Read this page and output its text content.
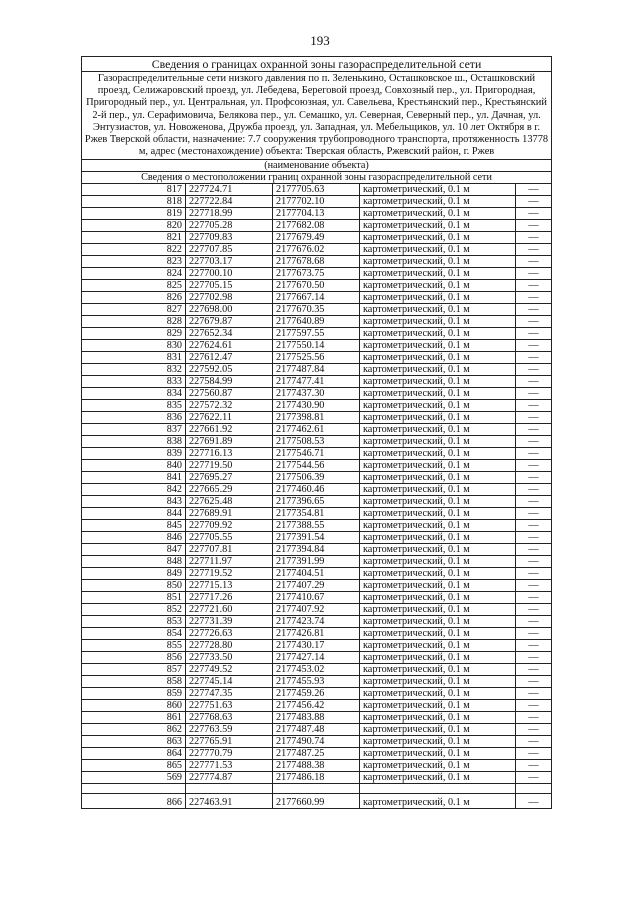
193
Сведения о границах охранной зоны газораспределительной сети				
Газораспределительные сети низкого давления по п. Зеленькино, Осташковское ш., Осташковский проезд, Селижаровский проезд, ул. Лебедева, Береговой проезд, Совхозный пер., ул. Пригородная, Пригородный пер., ул. Центральная, ул. Профсоюзная, ул. Савельева, Крестьянский пер., Крестьянский 2-й пер., ул. Серафимовича, Белякова пер., ул. Семашко, ул. Северная, Северный пер., ул. Дачная, ул. Энтузиастов, ул. Новоженова, Дружба проезд, ул. Западная, ул. Мебельщиков, ул. 10 лет Октября в г. Ржев Тверской области, назначение: 7.7 сооружения трубопроводного транспорта, протяженность 13778 м, адрес (местонахождение) объекта: Тверская область, Ржевский район, г. Ржев				
(наименование объекта)				
Сведения о местоположении границ охранной зоны газораспределительной сети				
817	227724.71	2177705.63	картометрический, 0.1 м	—
818	227722.84	2177702.10	картометрический, 0.1 м	—
819	227718.99	2177704.13	картометрический, 0.1 м	—
820	227705.28	2177682.08	картометрический, 0.1 м	—
821	227709.83	2177679.49	картометрический, 0.1 м	—
822	227707.85	2177676.02	картометрический, 0.1 м	—
823	227703.17	2177678.68	картометрический, 0.1 м	—
824	227700.10	2177673.75	картометрический, 0.1 м	—
825	227705.15	2177670.50	картометрический, 0.1 м	—
826	227702.98	2177667.14	картометрический, 0.1 м	—
827	227698.00	2177670.35	картометрический, 0.1 м	—
828	227679.87	2177640.89	картометрический, 0.1 м	—
829	227652.34	2177597.55	картометрический, 0.1 м	—
830	227624.61	2177550.14	картометрический, 0.1 м	—
831	227612.47	2177525.56	картометрический, 0.1 м	—
832	227592.05	2177487.84	картометрический, 0.1 м	—
833	227584.99	2177477.41	картометрический, 0.1 м	—
834	227560.87	2177437.30	картометрический, 0.1 м	—
835	227572.32	2177430.90	картометрический, 0.1 м	—
836	227622.11	2177398.81	картометрический, 0.1 м	—
837	227661.92	2177462.61	картометрический, 0.1 м	—
838	227691.89	2177508.53	картометрический, 0.1 м	—
839	227716.13	2177546.71	картометрический, 0.1 м	—
840	227719.50	2177544.56	картометрический, 0.1 м	—
841	227695.27	2177506.39	картометрический, 0.1 м	—
842	227665.29	2177460.46	картометрический, 0.1 м	—
843	227625.48	2177396.65	картометрический, 0.1 м	—
844	227689.91	2177354.81	картометрический, 0.1 м	—
845	227709.92	2177388.55	картометрический, 0.1 м	—
846	227705.55	2177391.54	картометрический, 0.1 м	—
847	227707.81	2177394.84	картометрический, 0.1 м	—
848	227711.97	2177391.99	картометрический, 0.1 м	—
849	227719.52	2177404.51	картометрический, 0.1 м	—
850	227715.13	2177407.29	картометрический, 0.1 м	—
851	227717.26	2177410.67	картометрический, 0.1 м	—
852	227721.60	2177407.92	картометрический, 0.1 м	—
853	227731.39	2177423.74	картометрический, 0.1 м	—
854	227726.63	2177426.81	картометрический, 0.1 м	—
855	227728.80	2177430.17	картометрический, 0.1 м	—
856	227733.50	2177427.14	картометрический, 0.1 м	—
857	227749.52	2177453.02	картометрический, 0.1 м	—
858	227745.14	2177455.93	картометрический, 0.1 м	—
859	227747.35	2177459.26	картометрический, 0.1 м	—
860	227751.63	2177456.42	картометрический, 0.1 м	—
861	227768.63	2177483.88	картометрический, 0.1 м	—
862	227763.59	2177487.48	картометрический, 0.1 м	—
863	227765.91	2177490.74	картометрический, 0.1 м	—
864	227770.79	2177487.25	картометрический, 0.1 м	—
865	227771.53	2177488.38	картометрический, 0.1 м	—
569	227774.87	2177486.18	картометрический, 0.1 м	—

866	227463.91	2177660.99	картометрический, 0.1 м	—
